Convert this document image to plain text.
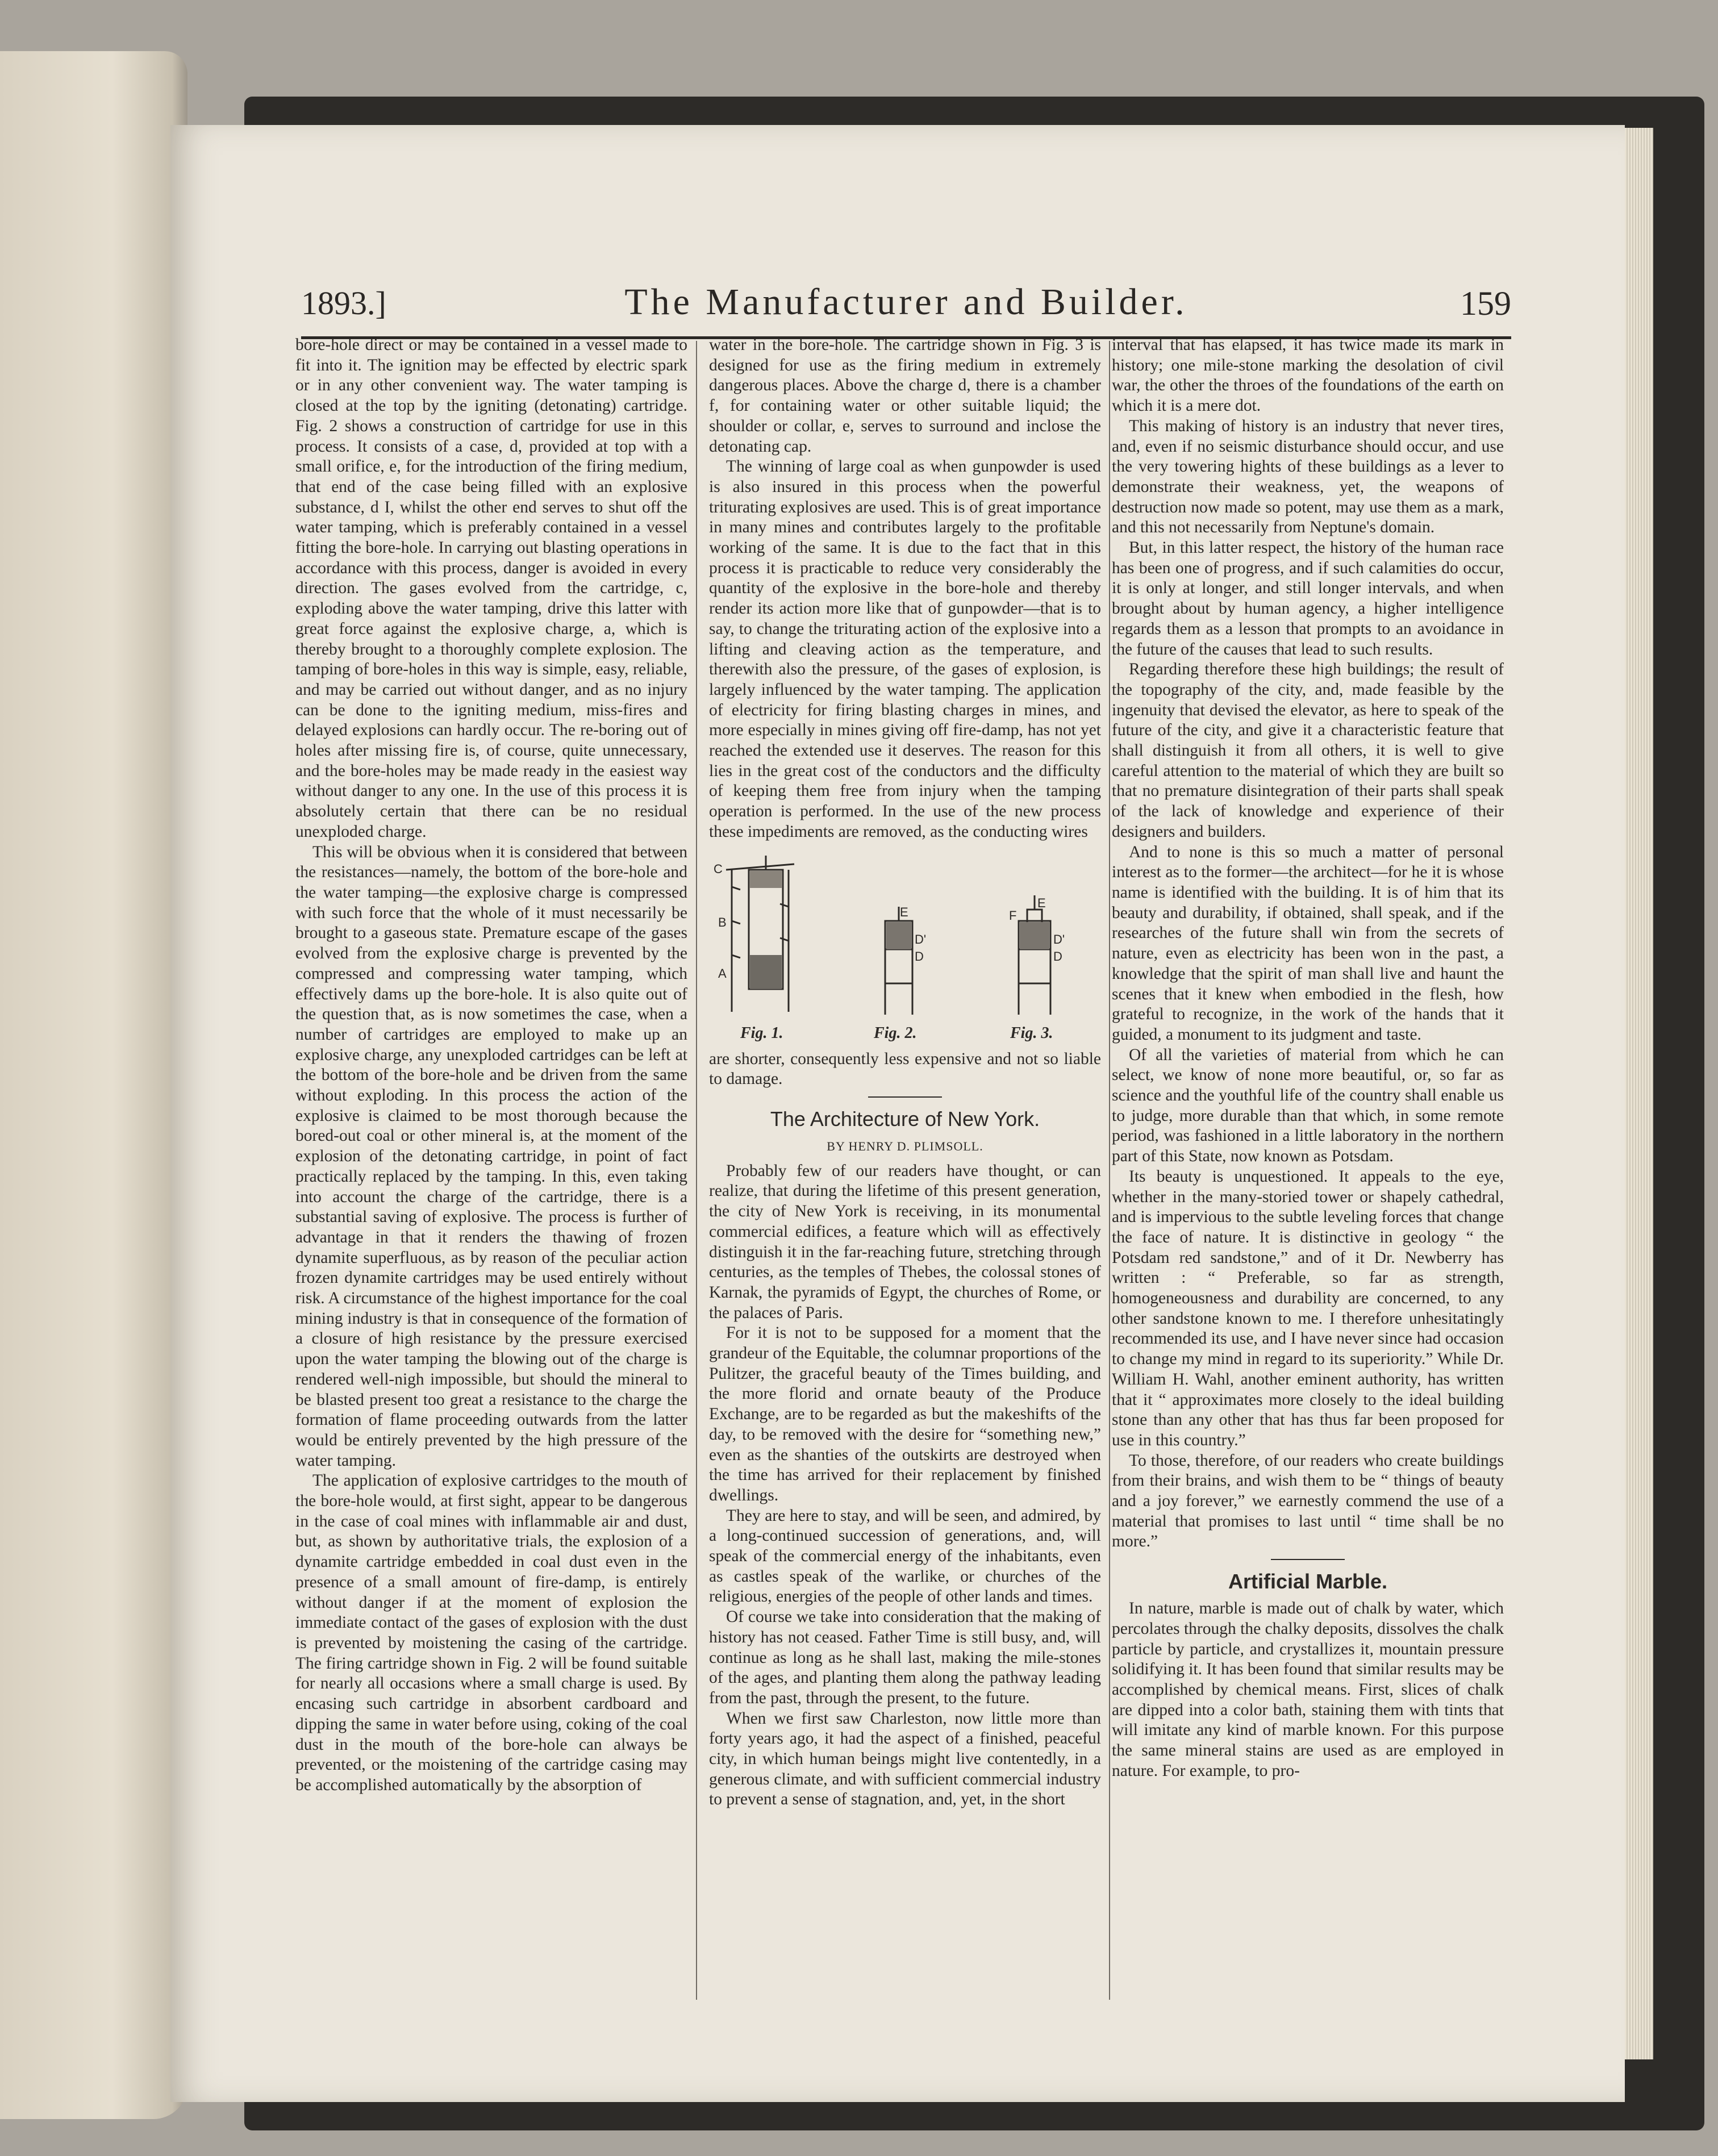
1893.]	The Manufacturer and Builder.	159

bore-hole direct or may be contained in a vessel made to fit into it. The ignition may be effected by electric spark or in any other convenient way. The water tamping is closed at the top by the igniting (detonating) cartridge. Fig. 2 shows a construction of cartridge for use in this process. It consists of a case, d, provided at top with a small orifice, e, for the introduction of the firing medium, that end of the case being filled with an explosive substance, d I, whilst the other end serves to shut off the water tamping, which is preferably contained in a vessel fitting the bore-hole. In carrying out blasting operations in accordance with this process, danger is avoided in every direction. The gases evolved from the cartridge, c, exploding above the water tamping, drive this latter with great force against the explosive charge, a, which is thereby brought to a thoroughly complete explosion. The tamping of bore-holes in this way is simple, easy, reliable, and may be carried out without danger, and as no injury can be done to the igniting medium, miss-fires and delayed explosions can hardly occur. The re-boring out of holes after missing fire is, of course, quite unnecessary, and the bore-holes may be made ready in the easiest way without danger to any one. In the use of this process it is absolutely certain that there can be no residual unexploded charge.

This will be obvious when it is considered that between the resistances—namely, the bottom of the bore-hole and the water tamping—the explosive charge is compressed with such force that the whole of it must necessarily be brought to a gaseous state. Premature escape of the gases evolved from the explosive charge is prevented by the compressed and compressing water tamping, which effectively dams up the bore-hole. It is also quite out of the question that, as is now sometimes the case, when a number of cartridges are employed to make up an explosive charge, any unexploded cartridges can be left at the bottom of the bore-hole and be driven from the same without exploding. In this process the action of the explosive is claimed to be most thorough because the bored-out coal or other mineral is, at the moment of the explosion of the detonating cartridge, in point of fact practically replaced by the tamping. In this, even taking into account the charge of the cartridge, there is a substantial saving of explosive. The process is further of advantage in that it renders the thawing of frozen dynamite superfluous, as by reason of the peculiar action frozen dynamite cartridges may be used entirely without risk. A circumstance of the highest importance for the coal mining industry is that in consequence of the formation of a closure of high resistance by the pressure exercised upon the water tamping the blowing out of the charge is rendered well-nigh impossible, but should the mineral to be blasted present too great a resistance to the charge the formation of flame proceeding outwards from the latter would be entirely prevented by the high pressure of the water tamping.

The application of explosive cartridges to the mouth of the bore-hole would, at first sight, appear to be dangerous in the case of coal mines with inflammable air and dust, but, as shown by authoritative trials, the explosion of a dynamite cartridge embedded in coal dust even in the presence of a small amount of fire-damp, is entirely without danger if at the moment of explosion the immediate contact of the gases of explosion with the dust is prevented by moistening the casing of the cartridge. The firing cartridge shown in Fig. 2 will be found suitable for nearly all occasions where a small charge is used. By encasing such cartridge in absorbent cardboard and dipping the same in water before using, coking of the coal dust in the mouth of the bore-hole can always be prevented, or the moistening of the cartridge casing may be accomplished automatically by the absorption of

water in the bore-hole. The cartridge shown in Fig. 3 is designed for use as the firing medium in extremely dangerous places. Above the charge d, there is a chamber f, for containing water or other suitable liquid; the shoulder or collar, e, serves to surround and inclose the detonating cap.

The winning of large coal as when gunpowder is used is also insured in this process when the powerful triturating explosives are used. This is of great importance in many mines and contributes largely to the profitable working of the same. It is due to the fact that in this process it is practicable to reduce very considerably the quantity of the explosive in the bore-hole and thereby render its action more like that of gunpowder—that is to say, to change the triturating action of the explosive into a lifting and cleaving action as the temperature, and therewith also the pressure, of the gases of explosion, is largely influenced by the water tamping. The application of electricity for firing blasting charges in mines, and more especially in mines giving off fire-damp, has not yet reached the extended use it deserves. The reason for this lies in the great cost of the conductors and the difficulty of keeping them free from injury when the tamping operation is performed. In the use of the new process these impediments are removed, as the conducting wires

C
B
A
E
D'
D
F
E
D'
D
Fig. 1.	Fig. 2.	Fig. 3.

are shorter, consequently less expensive and not so liable to damage.

The Architecture of New York.
BY HENRY D. PLIMSOLL.

Probably few of our readers have thought, or can realize, that during the lifetime of this present generation, the city of New York is receiving, in its monumental commercial edifices, a feature which will as effectively distinguish it in the far-reaching future, stretching through centuries, as the temples of Thebes, the colossal stones of Karnak, the pyramids of Egypt, the churches of Rome, or the palaces of Paris.

For it is not to be supposed for a moment that the grandeur of the Equitable, the columnar proportions of the Pulitzer, the graceful beauty of the Times building, and the more florid and ornate beauty of the Produce Exchange, are to be regarded as but the makeshifts of the day, to be removed with the desire for “something new,” even as the shanties of the outskirts are destroyed when the time has arrived for their replacement by finished dwellings.

They are here to stay, and will be seen, and admired, by a long-continued succession of generations, and, will speak of the commercial energy of the inhabitants, even as castles speak of the warlike, or churches of the religious, energies of the people of other lands and times.

Of course we take into consideration that the making of history has not ceased. Father Time is still busy, and, will continue as long as he shall last, making the mile-stones of the ages, and planting them along the pathway leading from the past, through the present, to the future.

When we first saw Charleston, now little more than forty years ago, it had the aspect of a finished, peaceful city, in which human beings might live contentedly, in a generous climate, and with sufficient commercial industry to prevent a sense of stagnation, and, yet, in the short

interval that has elapsed, it has twice made its mark in history; one mile-stone marking the desolation of civil war, the other the throes of the foundations of the earth on which it is a mere dot.

This making of history is an industry that never tires, and, even if no seismic disturbance should occur, and use the very towering hights of these buildings as a lever to demonstrate their weakness, yet, the weapons of destruction now made so potent, may use them as a mark, and this not necessarily from Neptune's domain.

But, in this latter respect, the history of the human race has been one of progress, and if such calamities do occur, it is only at longer, and still longer intervals, and when brought about by human agency, a higher intelligence regards them as a lesson that prompts to an avoidance in the future of the causes that lead to such results.

Regarding therefore these high buildings; the result of the topography of the city, and, made feasible by the ingenuity that devised the elevator, as here to speak of the future of the city, and give it a characteristic feature that shall distinguish it from all others, it is well to give careful attention to the material of which they are built so that no premature disintegration of their parts shall speak of the lack of knowledge and experience of their designers and builders.

And to none is this so much a matter of personal interest as to the former—the architect—for he it is whose name is identified with the building. It is of him that its beauty and durability, if obtained, shall speak, and if the researches of the future shall win from the secrets of nature, even as electricity has been won in the past, a knowledge that the spirit of man shall live and haunt the scenes that it knew when embodied in the flesh, how grateful to recognize, in the work of the hands that it guided, a monument to its judgment and taste.

Of all the varieties of material from which he can select, we know of none more beautiful, or, so far as science and the youthful life of the country shall enable us to judge, more durable than that which, in some remote period, was fashioned in a little laboratory in the northern part of this State, now known as Potsdam.

Its beauty is unquestioned. It appeals to the eye, whether in the many-storied tower or shapely cathedral, and is impervious to the subtle leveling forces that change the face of nature. It is distinctive in geology “ the Potsdam red sandstone,” and of it Dr. Newberry has written : “ Preferable, so far as strength, homogeneousness and durability are concerned, to any other sandstone known to me. I therefore unhesitatingly recommended its use, and I have never since had occasion to change my mind in regard to its superiority.” While Dr. William H. Wahl, another eminent authority, has written that it “ approximates more closely to the ideal building stone than any other that has thus far been proposed for use in this country.”

To those, therefore, of our readers who create buildings from their brains, and wish them to be “ things of beauty and a joy forever,” we earnestly commend the use of a material that promises to last until “ time shall be no more.”

Artificial Marble.

In nature, marble is made out of chalk by water, which percolates through the chalky deposits, dissolves the chalk particle by particle, and crystallizes it, mountain pressure solidifying it. It has been found that similar results may be accomplished by chemical means. First, slices of chalk are dipped into a color bath, staining them with tints that will imitate any kind of marble known. For this purpose the same mineral stains are used as are employed in nature. For example, to pro-
